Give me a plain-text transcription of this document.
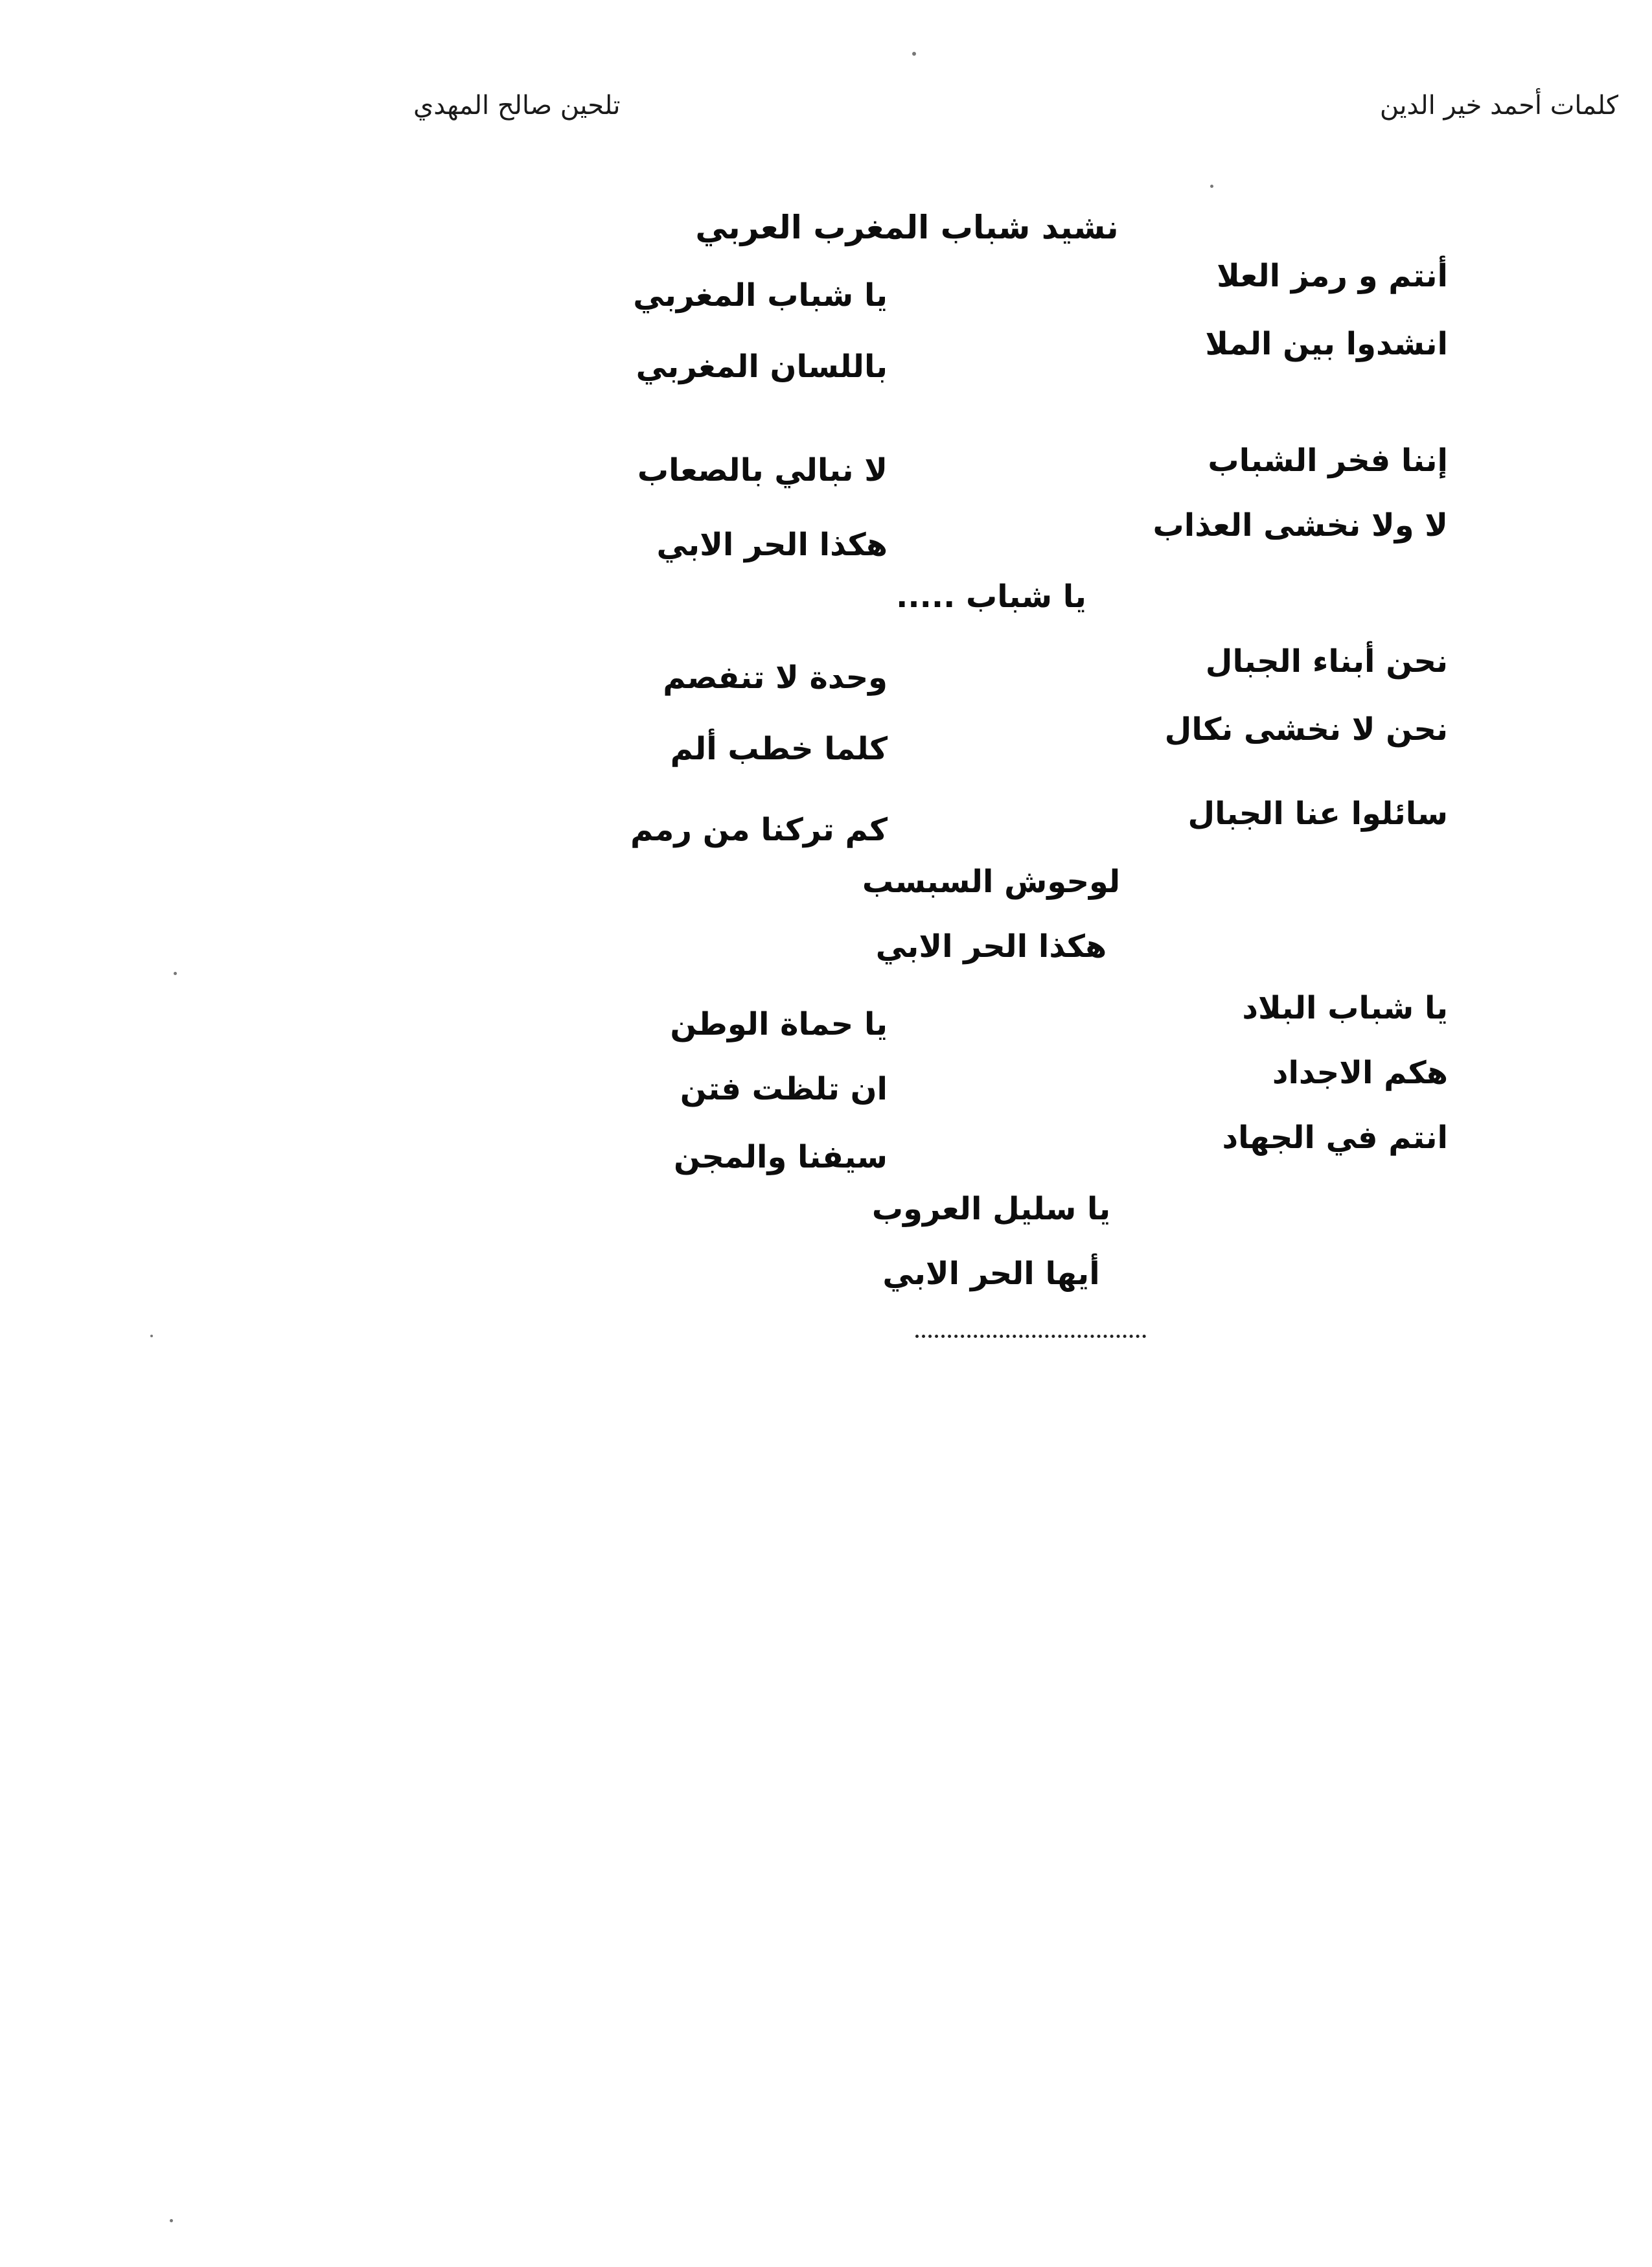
كلمات أحمد خير الدين
تلحين صالح المهدي
نشيد شباب المغرب العربي
أنتم و رمز العلا
يا شباب المغربي
انشدوا بين الملا
باللسان المغربي
إننا فخر الشباب
لا نبالي بالصعاب
لا ولا نخشى العذاب
هكذا الحر الابي
يا شباب .....
نحن أبناء الجبال
وحدة لا تنفصم
نحن لا نخشى نكال
كلما خطب ألم
سائلوا عنا الجبال
كم تركنا من رمم
لوحوش السبسب
هكذا الحر الابي
يا شباب البلاد
يا حماة الوطن
هكم الاجداد
ان تلظت فتن
انتم في الجهاد
سيفنا والمجن
يا سليل العروب
أيها الحر الابي
